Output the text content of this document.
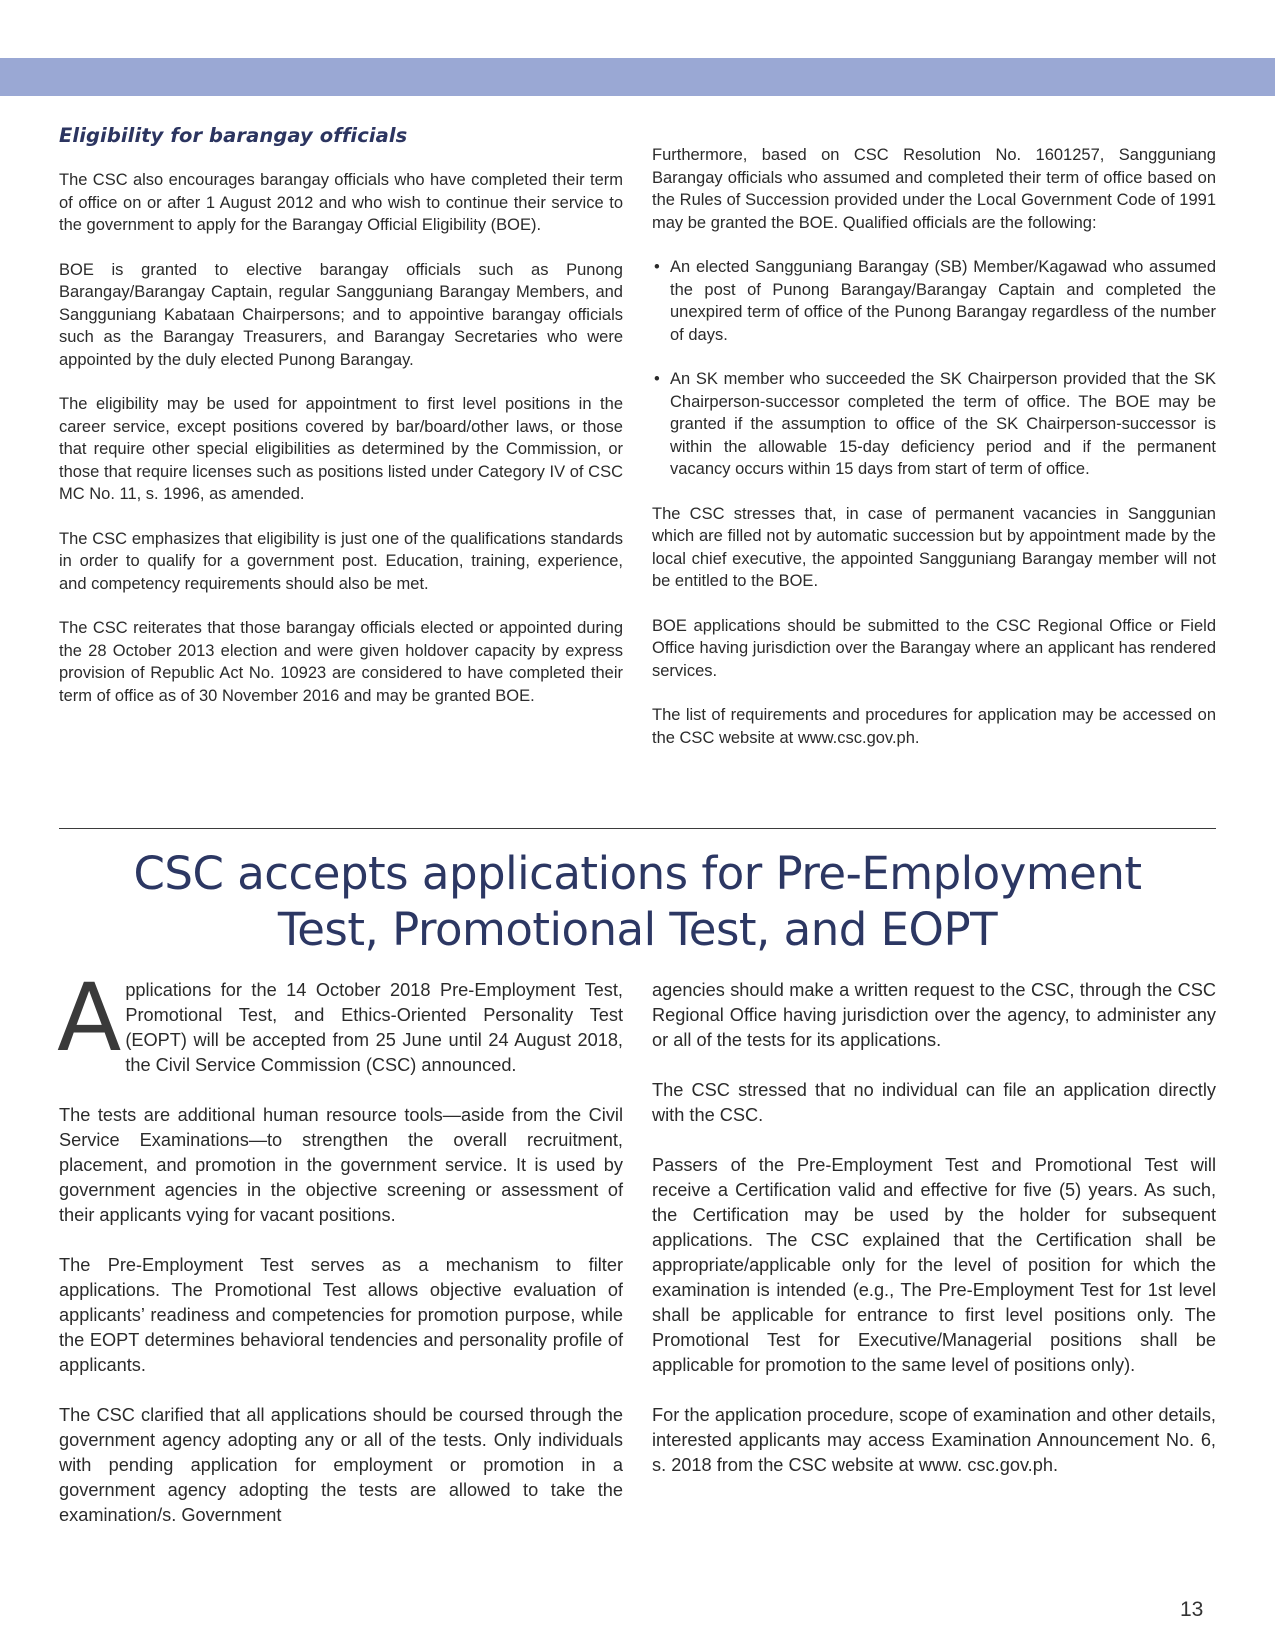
Eligibility for barangay officials

The CSC also encourages barangay officials who have completed their term of office on or after 1 August 2012 and who wish to continue their service to the government to apply for the Barangay Official Eligibility (BOE).

BOE is granted to elective barangay officials such as Punong Barangay/Barangay Captain, regular Sangguniang Barangay Members, and Sangguniang Kabataan Chairpersons; and to appointive barangay officials such as the Barangay Treasurers, and Barangay Secretaries who were appointed by the duly elected Punong Barangay.

The eligibility may be used for appointment to first level positions in the career service, except positions covered by bar/board/other laws, or those that require other special eligibilities as determined by the Commission, or those that require licenses such as positions listed under Category IV of CSC MC No. 11, s. 1996, as amended.

The CSC emphasizes that eligibility is just one of the qualifications standards in order to qualify for a government post. Education, training, experience, and competency requirements should also be met.

The CSC reiterates that those barangay officials elected or appointed during the 28 October 2013 election and were given holdover capacity by express provision of Republic Act No. 10923 are considered to have completed their term of office as of 30 November 2016 and may be granted BOE.

Furthermore, based on CSC Resolution No. 1601257, Sangguniang Barangay officials who assumed and completed their term of office based on the Rules of Succession provided under the Local Government Code of 1991 may be granted the BOE. Qualified officials are the following:

• An elected Sangguniang Barangay (SB) Member/Kagawad who assumed the post of Punong Barangay/Barangay Captain and completed the unexpired term of office of the Punong Barangay regardless of the number of days.
• An SK member who succeeded the SK Chairperson provided that the SK Chairperson-successor completed the term of office. The BOE may be granted if the assumption to office of the SK Chairperson-successor is within the allowable 15-day deficiency period and if the permanent vacancy occurs within 15 days from start of term of office.

The CSC stresses that, in case of permanent vacancies in Sanggunian which are filled not by automatic succession but by appointment made by the local chief executive, the appointed Sangguniang Barangay member will not be entitled to the BOE.

BOE applications should be submitted to the CSC Regional Office or Field Office having jurisdiction over the Barangay where an applicant has rendered services.

The list of requirements and procedures for application may be accessed on the CSC website at www.csc.gov.ph.

CSC accepts applications for Pre-Employment
Test, Promotional Test, and EOPT

Applications for the 14 October 2018 Pre-Employment Test, Promotional Test, and Ethics-Oriented Personality Test (EOPT) will be accepted from 25 June until 24 August 2018, the Civil Service Commission (CSC) announced.

The tests are additional human resource tools—aside from the Civil Service Examinations—to strengthen the overall recruitment, placement, and promotion in the government service. It is used by government agencies in the objective screening or assessment of their applicants vying for vacant positions.

The Pre-Employment Test serves as a mechanism to filter applications. The Promotional Test allows objective evaluation of applicants’ readiness and competencies for promotion purpose, while the EOPT determines behavioral tendencies and personality profile of applicants.

The CSC clarified that all applications should be coursed through the government agency adopting any or all of the tests. Only individuals with pending application for employment or promotion in a government agency adopting the tests are allowed to take the examination/s. Government

agencies should make a written request to the CSC, through the CSC Regional Office having jurisdiction over the agency, to administer any or all of the tests for its applications.

The CSC stressed that no individual can file an application directly with the CSC.

Passers of the Pre-Employment Test and Promotional Test will receive a Certification valid and effective for five (5) years. As such, the Certification may be used by the holder for subsequent applications. The CSC explained that the Certification shall be appropriate/applicable only for the level of position for which the examination is intended (e.g., The Pre-Employment Test for 1st level shall be applicable for entrance to first level positions only. The Promotional Test for Executive/Managerial positions shall be applicable for promotion to the same level of positions only).

For the application procedure, scope of examination and other details, interested applicants may access Examination Announcement No. 6, s. 2018 from the CSC website at www. csc.gov.ph.

13
